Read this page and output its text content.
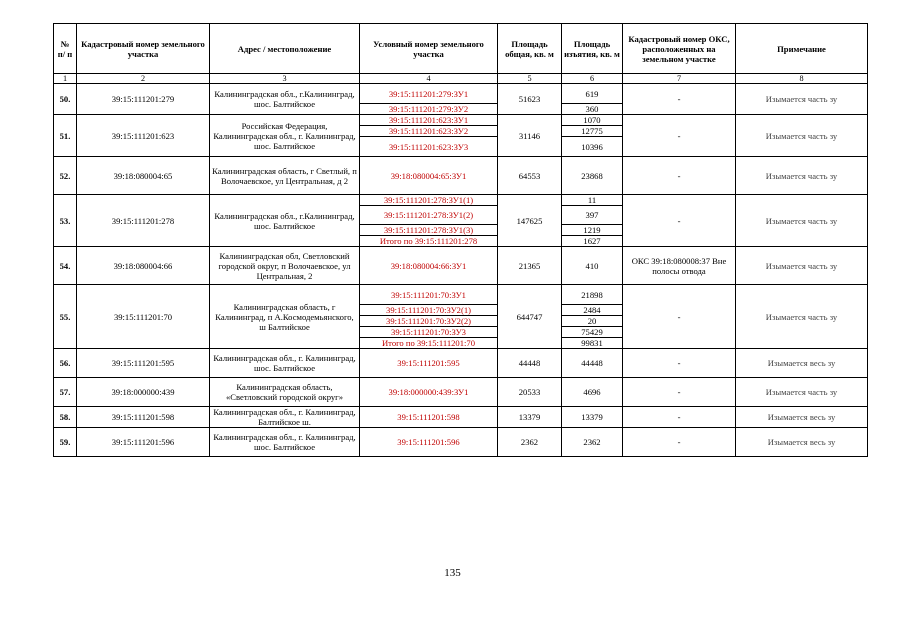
№ п/ п	Кадастровый номер земельного участка	Адрес / местоположение	Условный номер земельного участка	Площадь общая, кв. м	Площадь изъятия, кв. м	Кадастровый номер ОКС, расположенных на земельном участке	Примечание
1	2	3	4	5	6	7	8
50.	39:15:111201:279	Калининградская обл., г.Калининград, шос. Балтийское	39:15:111201:279:ЗУ1	51623	619	-	Изымается часть зу
			39:15:111201:279:ЗУ2		360		
51.	39:15:111201:623	Российская Федерация, Калининградская обл., г. Калининград, шос. Балтийское	39:15:111201:623:ЗУ1	31146	1070	-	Изымается часть зу
			39:15:111201:623:ЗУ2		12775		
			39:15:111201:623:ЗУ3		10396		
52.	39:18:080004:65	Калининградская область, г Светлый, п Волочаевское, ул Центральная, д 2	39:18:080004:65:ЗУ1	64553	23868	-	Изымается часть зу
53.	39:15:111201:278	Калининградская обл., г.Калининград, шос. Балтийское	39:15:111201:278:ЗУ1(1)	147625	11	-	Изымается часть зу
			39:15:111201:278:ЗУ1(2)		397		
			39:15:111201:278:ЗУ1(3)		1219		
			Итого по 39:15:111201:278		1627		
54.	39:18:080004:66	Калининградская обл, Светловский городской округ, п Волочаевское, ул Центральная, 2	39:18:080004:66:ЗУ1	21365	410	ОКС 39:18:080008:37 Вне полосы отвода	Изымается часть зу
55.	39:15:111201:70	Калининградская область, г Калининград, п А.Космодемьянского, ш Балтийское	39:15:111201:70:ЗУ1	644747	21898	-	Изымается часть зу
			39:15:111201:70:ЗУ2(1)		2484		
			39:15:111201:70:ЗУ2(2)		20		
			39:15:111201:70:ЗУ3		75429		
			Итого по 39:15:111201:70		99831		
56.	39:15:111201:595	Калининградская обл., г. Калининград, шос. Балтийское	39:15:111201:595	44448	44448	-	Изымается весь зу
57.	39:18:000000:439	Калининградская область, «Светловский городской округ»	39:18:000000:439:ЗУ1	20533	4696	-	Изымается часть зу
58.	39:15:111201:598	Калининградская обл., г. Калининград, Балтийское ш.	39:15:111201:598	13379	13379	-	Изымается весь зу
59.	39:15:111201:596	Калининградская обл., г. Калининград, шос. Балтийское	39:15:111201:596	2362	2362	-	Изымается весь зу
135
